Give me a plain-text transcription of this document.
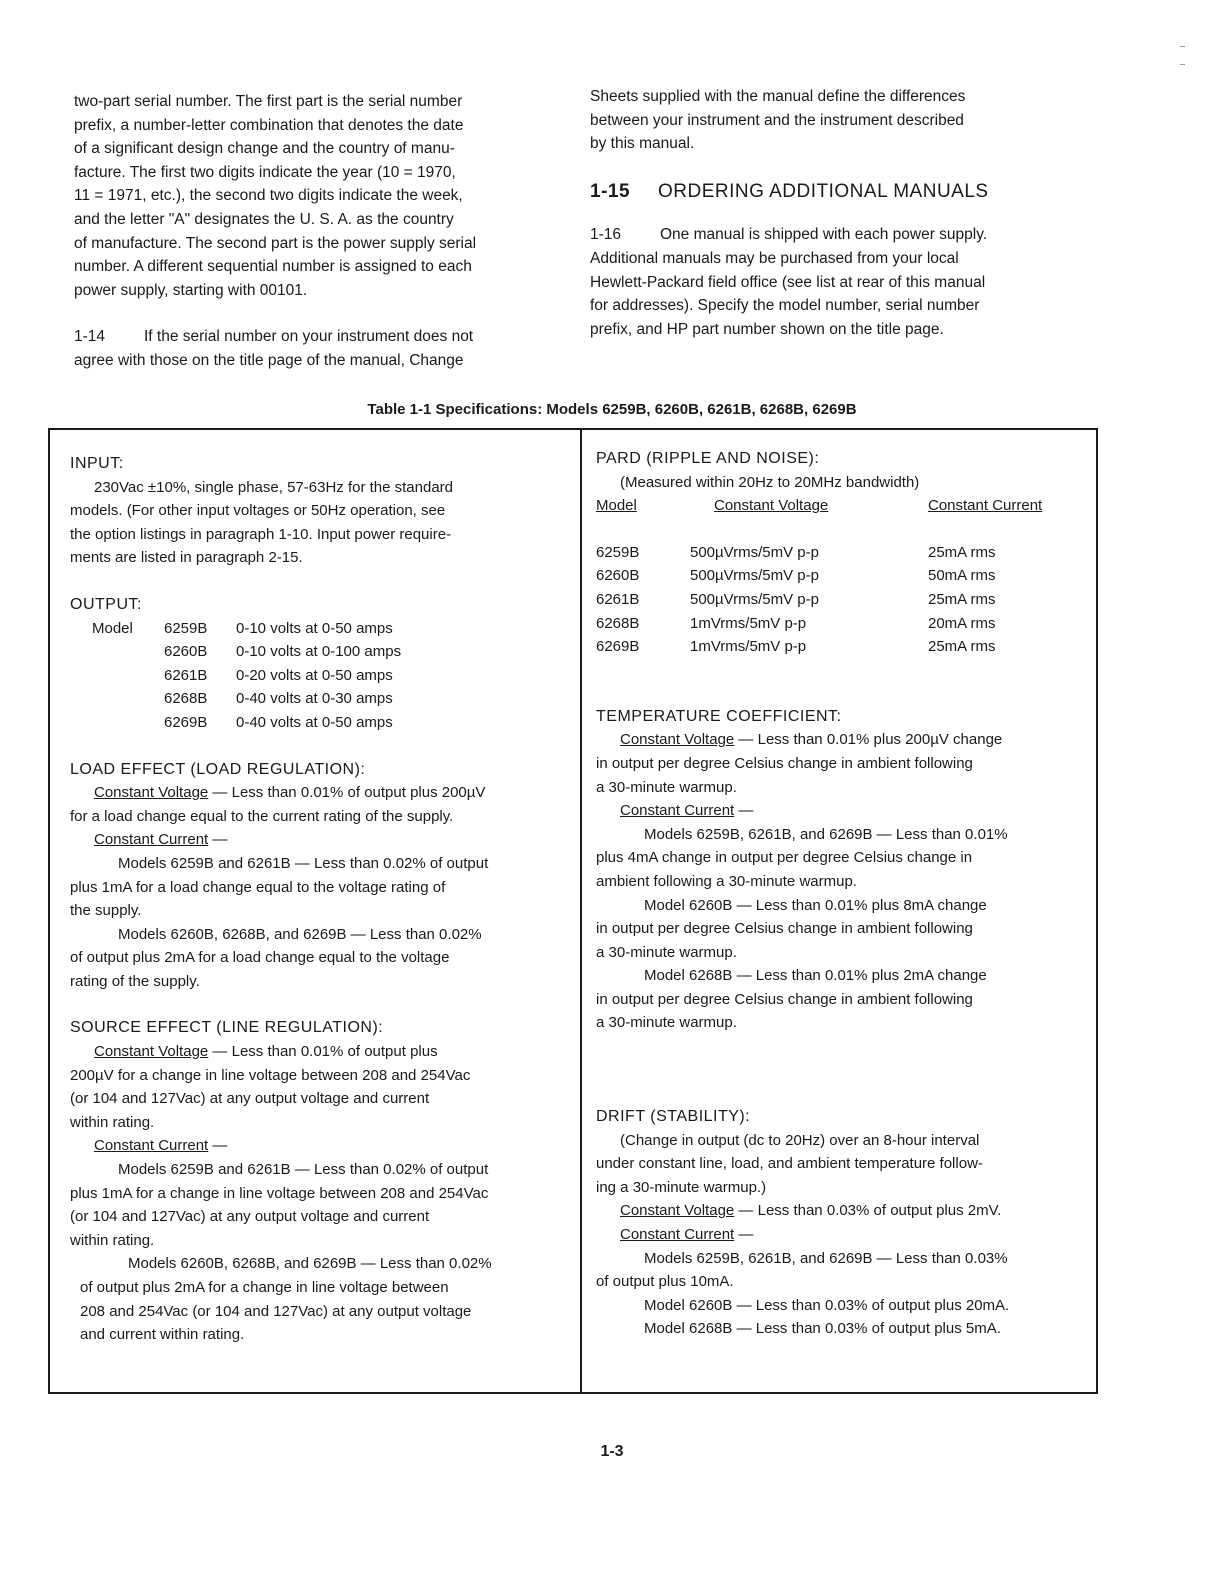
two-part serial number. The first part is the serial number

prefix, a number-letter combination that denotes the date

of a significant design change and the country of manu-

facture. The first two digits indicate the year (10 = 1970,

11 = 1971, etc.), the second two digits indicate the week,

and the letter "A" designates the U. S. A. as the country

of manufacture. The second part is the power supply serial

number. A different sequential number is assigned to each

power supply, starting with 00101.

1-14	If the serial number on your instrument does not

agree with those on the title page of the manual, Change

Sheets supplied with the manual define the differences

between your instrument and the instrument described

by this manual.

1-15 ORDERING ADDITIONAL MANUALS

1-16	One manual is shipped with each power supply.

Additional manuals may be purchased from your local

Hewlett-Packard field office (see list at rear of this manual

for addresses). Specify the model number, serial number

prefix, and HP part number shown on the title page.

Table 1-1 Specifications: Models 6259B, 6260B, 6261B, 6268B, 6269B

INPUT:

230Vac ±10%, single phase, 57-63Hz for the standard

models. (For other input voltages or 50Hz operation, see

the option listings in paragraph 1-10. Input power require-

ments are listed in paragraph 2-15.

OUTPUT:

Model	6259B	0-10 volts at 0-50 amps
6260B	0-10 volts at 0-100 amps
6261B	0-20 volts at 0-50 amps
6268B	0-40 volts at 0-30 amps
6269B	0-40 volts at 0-50 amps

LOAD EFFECT (LOAD REGULATION):

Constant Voltage — Less than 0.01% of output plus 200µV

for a load change equal to the current rating of the supply.

Constant Current —

Models 6259B and 6261B — Less than 0.02% of output

plus 1mA for a load change equal to the voltage rating of

the supply.

Models 6260B, 6268B, and 6269B — Less than 0.02%

of output plus 2mA for a load change equal to the voltage

rating of the supply.

SOURCE EFFECT (LINE REGULATION):

Constant Voltage — Less than 0.01% of output plus

200µV for a change in line voltage between 208 and 254Vac

(or 104 and 127Vac) at any output voltage and current

within rating.

Constant Current —

Models 6259B and 6261B — Less than 0.02% of output

plus 1mA for a change in line voltage between 208 and 254Vac

(or 104 and 127Vac) at any output voltage and current

within rating.

Models 6260B, 6268B, and 6269B — Less than 0.02%

of output plus 2mA for a change in line voltage between

208 and 254Vac (or 104 and 127Vac) at any output voltage

and current within rating.

PARD (RIPPLE AND NOISE):

(Measured within 20Hz to 20MHz bandwidth)

Model	Constant Voltage	Constant Current
6259B	500µVrms/5mV p-p	25mA rms
6260B	500µVrms/5mV p-p	50mA rms
6261B	500µVrms/5mV p-p	25mA rms
6268B	1mVrms/5mV p-p	20mA rms
6269B	1mVrms/5mV p-p	25mA rms

TEMPERATURE COEFFICIENT:

Constant Voltage — Less than 0.01% plus 200µV change

in output per degree Celsius change in ambient following

a 30-minute warmup.

Constant Current —

Models 6259B, 6261B, and 6269B — Less than 0.01%

plus 4mA change in output per degree Celsius change in

ambient following a 30-minute warmup.

Model 6260B — Less than 0.01% plus 8mA change

in output per degree Celsius change in ambient following

a 30-minute warmup.

Model 6268B — Less than 0.01% plus 2mA change

in output per degree Celsius change in ambient following

a 30-minute warmup.

DRIFT (STABILITY):

(Change in output (dc to 20Hz) over an 8-hour interval

under constant line, load, and ambient temperature follow-

ing a 30-minute warmup.)

Constant Voltage — Less than 0.03% of output plus 2mV.

Constant Current —

Models 6259B, 6261B, and 6269B — Less than 0.03%

of output plus 10mA.

Model 6260B — Less than 0.03% of output plus 20mA.

Model 6268B — Less than 0.03% of output plus 5mA.

1-3
